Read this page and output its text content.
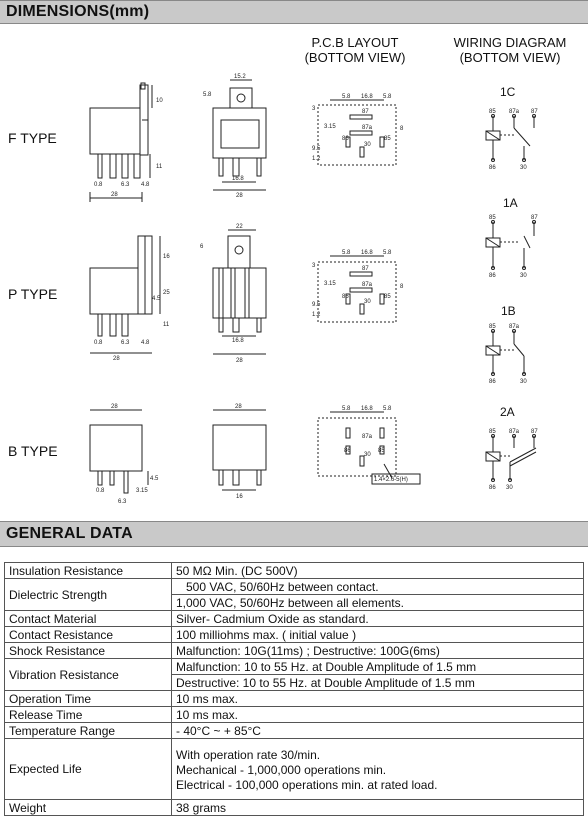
DIMENSIONS(mm)
P.C.B LAYOUT
(BOTTOM VIEW)
WIRING DIAGRAM
(BOTTOM VIEW)
F TYPE
P TYPE
B TYPE
1C
1A
1B
2A
10
11
0.8	6.3 4.8
28
15.2
5.8
16.8
28
16
25
4.5
11
0.8	6.3 4.8
28
22
6
16.8
28
28
4.5
0.8	3.15
6.3
28
16
5.8 16.8 5.8
87
87a
86	85
30
3
3.15
9.5
1.2
8
5.8 16.8 5.8
87
87a
86	85
30
3
3.15
9.5
1.2
8
5.8 16.8 5.8
87a
86	85
30
1.4×2.6-5(H)
85 87a 87
86	30
85	87
86	30
85 87a
86	30
85 87a 87
86 30
GENERAL DATA
Insulation Resistance	50 MΩ Min. (DC 500V)
Dielectric Strength	500 VAC, 50/60Hz between contact.
	1,000 VAC, 50/60Hz between all elements.
Contact Material	Silver- Cadmium Oxide as standard.
Contact Resistance	100 milliohms max. ( initial value )
Shock Resistance	Malfunction: 10G(11ms) ; Destructive: 100G(6ms)
Vibration Resistance	Malfunction: 10 to 55 Hz. at Double Amplitude of 1.5 mm
	Destructive: 10 to 55 Hz. at Double Amplitude of 1.5 mm
Operation Time	10 ms max.
Release Time	10 ms max.
Temperature Range	- 40°C ~ + 85°C
Expected Life	With operation rate 30/min.
Mechanical - 1,000,000 operations min.
Electrical - 100,000 operations min. at rated load.

Weight	38 grams
